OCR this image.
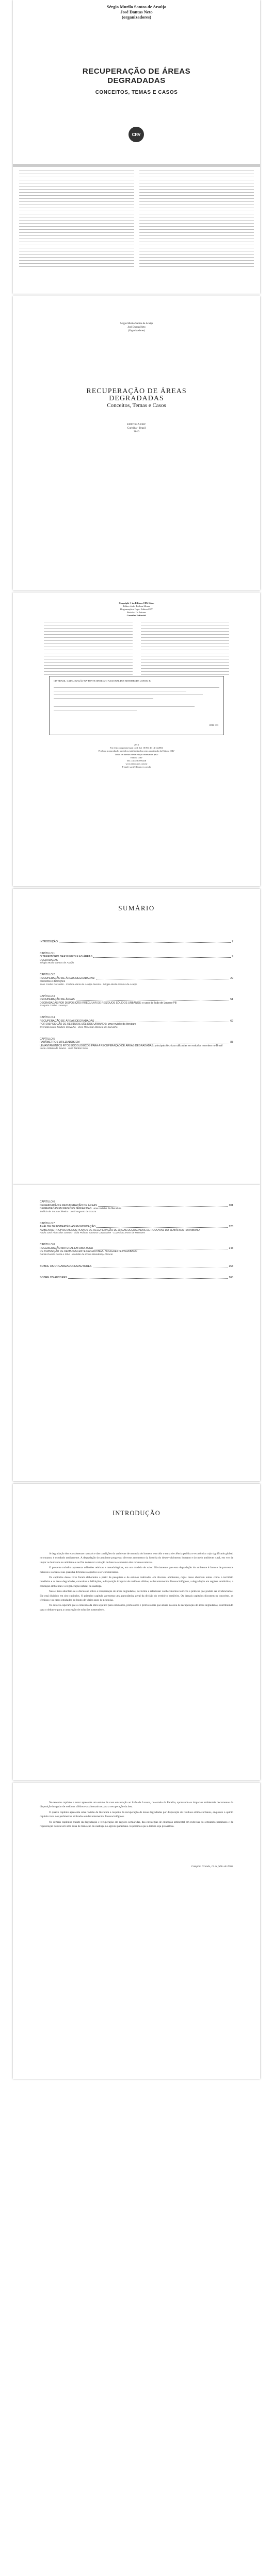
Sérgio Murilo Santos de Araújo
José Dantas Neto
(organizadores)
RECUPERAÇÃO DE ÁREAS
DEGRADADAS
CONCEITOS, TEMAS E CASOS
CRV
Sérgio Murilo Santos de Araújo
José Dantas Neto
(Organizadores)
RECUPERAÇÃO DE ÁREAS
DEGRADADAS
Conceitos, Temas e Casos
EDITORA CRV
Curitiba - Brasil
2016
Copyright © da Editora CRV Ltda.
Editor-chefe: Railson Moura
Diagramação e Capa: Editora CRV
Revisão: Os Autores
Conselho Editorial:
CIP-BRASIL. CATALOGAÇÃO-NA-FONTE SINDICATO NACIONAL DOS EDITORES DE LIVROS, RJ
CDD: 333
2016
Foi feito o depósito legal conf. Lei 10.994 de 14/12/2004
Proibida a reprodução parcial ou total desta obra sem autorização da Editora CRV
Todos os direitos desta edição reservados pela:
Editora CRV
Tel.: (41) 3039-6418
www.editoracrv.com.br
E-mail: sac@editoracrv.com.br
SUMÁRIO
INTRODUÇÃO	7
CAPÍTULO 1
O TERRITÓRIO BRASILEIRO E AS ÁREAS	9
DEGRADADAS
Sérgio Murilo Santos de Araújo
CAPÍTULO 2
RECUPERAÇÃO DE ÁREAS DEGRADADAS:	29
conceitos e definições
Jean Carlos Corradini · Carlota Maria de Araújo Pereira · Sérgio Murilo Santos de Araújo
CAPÍTULO 3
RECUPERAÇÃO DE ÁREAS	51
DEGRADADAS POR DISPOSIÇÃO IRREGULAR DE RESÍDUOS SÓLIDOS URBANOS: o caso do lixão de Lucena-PB
Joaquim Carlos Lourenço
CAPÍTULO 4
RECUPERAÇÃO DE ÁREAS DEGRADADAS	69
POR DISPOSIÇÃO DE RESÍDUOS SÓLIDOS URBANOS: uma revisão da literatura
Everalda Maria Martins Carvalho · José Rosemar Marcelo de Carvalho
CAPÍTULO 5
PARÂMETROS UTILIZADOS EM	83
LEVANTAMENTOS FITOSSOCIOLÓGICOS PARA A RECUPERAÇÃO DE ÁREAS DEGRADADAS: principais técnicas utilizadas em estudos recentes no Brasil
Lúcio Antônio de Sousa · José Dantas Neto
CAPÍTULO 6
DEGRADAÇÃO E RECUPERAÇÃO DE ÁREAS	101
DEGRADADAS EM REGIÕES SEMIÁRIDAS: uma revisão da literatura
Tarlícia de Sousa Oliveira · José Augusto de Souza
CAPÍTULO 7
ANÁLISE DE ESTRATÉGIAS EM EDUCAÇÃO	123
AMBIENTAL PROPOSTAS NOS PLANOS DE RECUPERAÇÃO DE ÁREAS DEGRADADAS DE RODOVIAS DO SEMIÁRIDO PARAIBANO
Paulo José Alves dos Santos · Lívia Poliana Santana Cavalcante · Luzenira Lemos de Menezes
CAPÍTULO 8
REGENERAÇÃO NATURAL EM UMA ZONA	143
DE TRANSIÇÃO DE REMANESCENTE DA CAATINGA, NO AGRESTE PARAIBANO
Danilo Duarte Costa e Silva · Isabelle de Costa Wanderley Alencar
SOBRE OS ORGANIZADORES/AUTORES	163
SOBRE OS AUTORES	165
INTRODUÇÃO

A degradação dos ecossistemas naturais e das condições do ambiente de moradia do homem tem sido o tema de ciência política e econômica cujo significado global, no entanto, é estudado tardiamente. A degradação do ambiente progresso diversos momentos da história do desenvolvimento humano e do meio ambiente rural, em vez de impor os humanos ao ambiente e ao fim de tentar a relação de busca e consumo dos recursos naturais.

O presente trabalho apresenta reflexões teóricas e metodológicas, em um modelo de valor. Obviamente que essa degradação do ambiente é fruto e de processos naturais e sociais e nas quais há diferentes aspectos a ser considerados.

Os capítulos desse livro foram elaborados a partir de pesquisas e de estudos realizados em diversos ambientes, cujos casos abordam temas como o território brasileiro e as áreas degradadas, conceitos e definições, a disposição irregular de resíduos sólidos, os levantamentos fitossociológicos, a degradação em regiões semiáridas, a educação ambiental e a regeneração natural da caatinga.

Nesse livro abordam-se a discussão sobre a recuperação de áreas degradadas, de forma a relacionar conhecimentos teóricos e práticos que podem ser evidenciados. Ele está dividido em oito capítulos. O primeiro capítulo apresenta uma panorâmica geral da divisão do território brasileiro. Os demais capítulos discutem os conceitos, as técnicas e os casos estudados ao longo de vários anos de pesquisa.

Os autores esperam que o conteúdo da obra seja útil para estudantes, professores e profissionais que atuam na área de recuperação de áreas degradadas, contribuindo para o debate e para a construção de soluções sustentáveis.

No terceiro capítulo o autor apresenta um estudo de caso em relação ao lixão de Lucena, no estado da Paraíba, apontando os impactos ambientais decorrentes da disposição irregular de resíduos sólidos e as alternativas para a recuperação da área.

O quarto capítulo apresenta uma revisão da literatura a respeito da recuperação de áreas degradadas por disposição de resíduos sólidos urbanos, enquanto o quinto capítulo trata dos parâmetros utilizados em levantamentos fitossociológicos.

Os demais capítulos tratam da degradação e recuperação em regiões semiáridas, das estratégias de educação ambiental em rodovias do semiárido paraibano e da regeneração natural em uma zona de transição da caatinga no agreste paraibano. Esperamos que a leitura seja proveitosa.

Campina Grande, 12 de julho de 2016.
